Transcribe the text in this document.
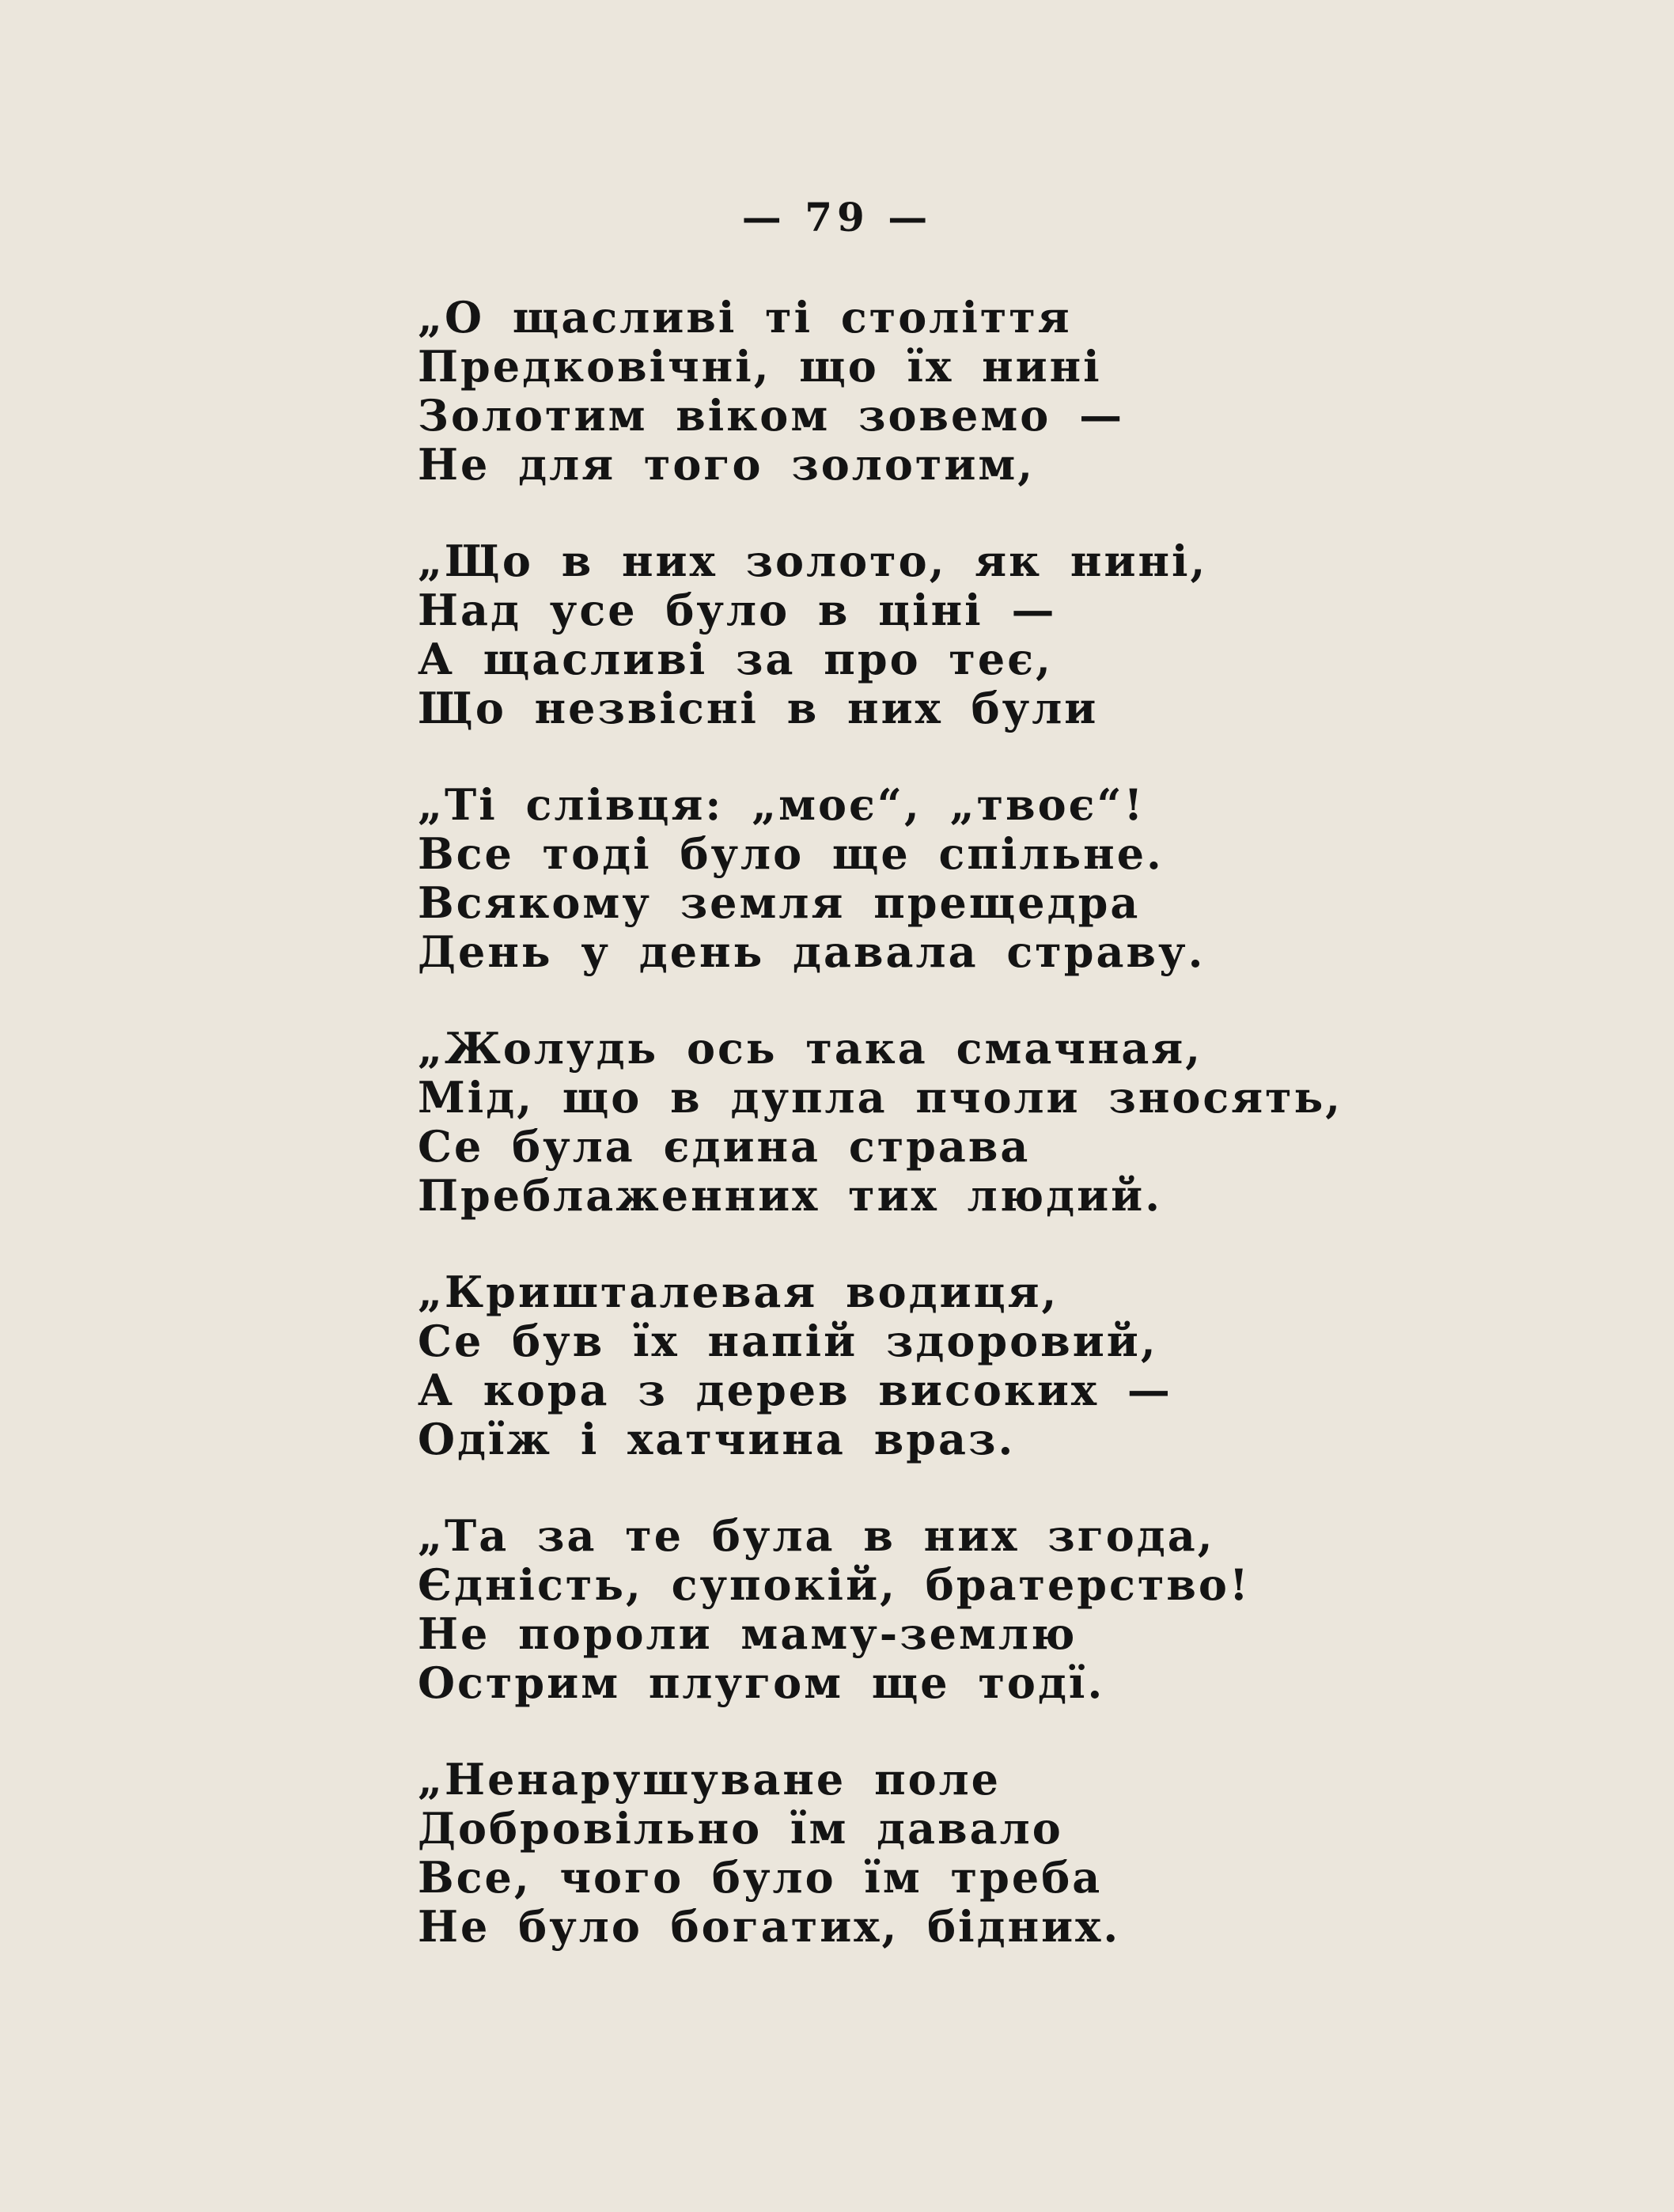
— 79 —
„О щасливі ті століття
Предковічні, що їх нині
Золотим віком зовемо —
Не для того золотим,
„Що в них золото, як нині,
Над усе було в ціні —
А щасливі за про теє,
Що незвісні в них були
„Ті слівця: „моє“, „твоє“!
Все тоді було ще спільне.
Всякому земля прещедра
День у день давала страву.
„Жолудь ось така смачная,
Мід, що в дупла пчоли зносять,
Се була єдина страва
Преблаженних тих людий.
„Кришталевая водиця,
Се був їх напій здоровий,
А кора з дерев високих —
Одїж і хатчина враз.
„Та за те була в них згода,
Єдність, супокій, братерство!
Не пороли маму-землю
Острим плугом ще тодї.
„Ненарушуване поле
Добровільно їм давало
Все, чого було їм треба
Не було богатих, бідних.
